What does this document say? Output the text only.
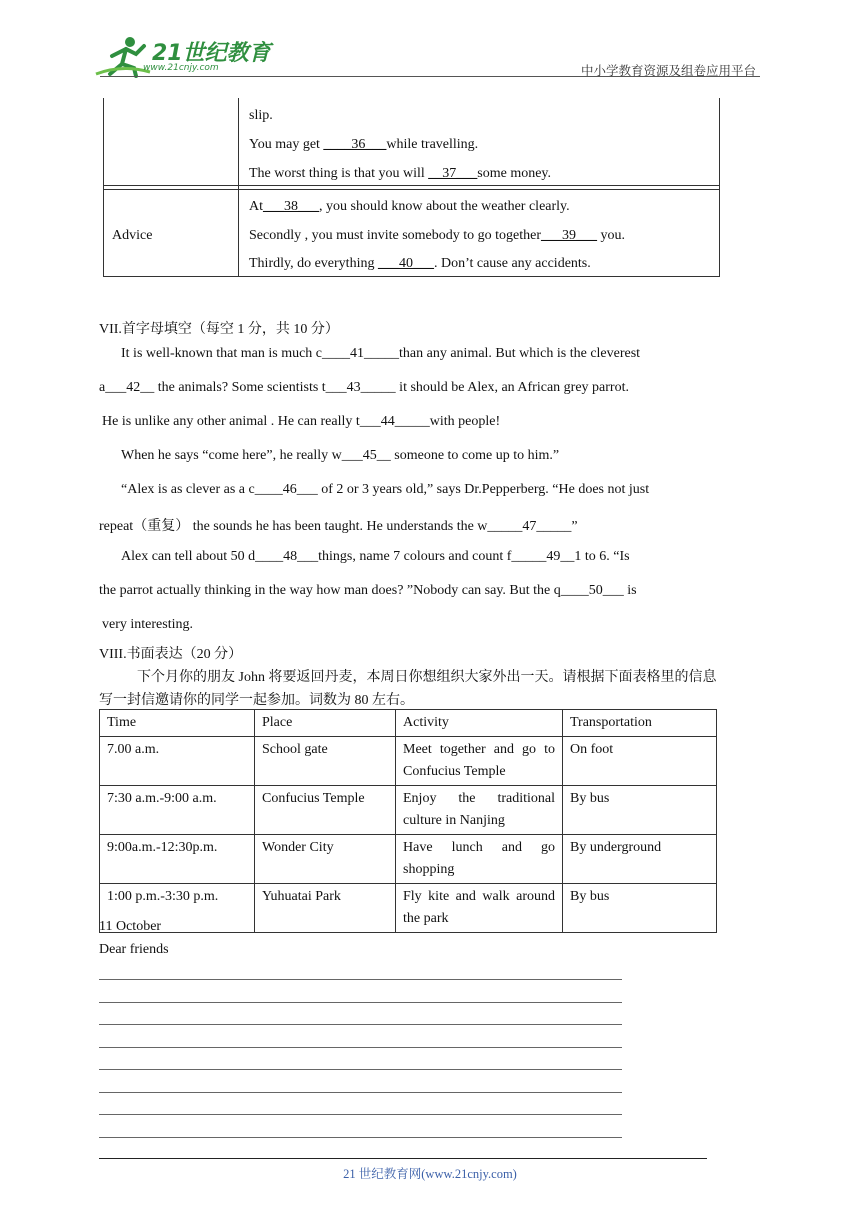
21世纪教育
www.21cnjy.com	中小学教育资源及组卷应用平台
slip.
You may get ____36___while travelling.
The worst thing is that you will __37___some money.
Advice
At___38___, you should know about the weather clearly.
Secondly , you must invite somebody to go together___39___ you.
Thirdly, do everything ___40___. Don’t cause any accidents.
VII.首字母填空（每空 1 分，共 10 分）
It is well-known that man is much c____41_____than any animal. But which is the cleverest
a___42__ the animals? Some scientists t___43_____ it should be Alex, an African grey parrot.
He is unlike any other animal . He can really t___44_____with people!
When he says “come here”, he really w___45__ someone to come up to him.”
“Alex is as clever as a c____46___ of 2 or 3 years old,” says Dr.Pepperberg. “He does not just
repeat（重复） the sounds he has been taught. He understands the w_____47_____”
Alex can tell about 50 d____48___things, name 7 colours and count f_____49__1 to 6. “Is
the parrot actually thinking in the way how man does? ”Nobody can say. But the q____50___ is
very interesting.
VIII.书面表达（20 分）
下个月你的朋友 John 将要返回丹麦，本周日你想组织大家外出一天。请根据下面表格里的信息
写一封信邀请你的同学一起参加。词数为 80 左右。
Time	Place	Activity	Transportation
7.00 a.m.	School gate	Meet together and go to Confucius Temple	On foot
7:30 a.m.-9:00 a.m.	Confucius Temple	Enjoy the traditional culture in Nanjing	By bus
9:00a.m.-12:30p.m.	Wonder City	Have lunch and go shopping	By underground
1:00 p.m.-3:30 p.m.	Yuhuatai Park	Fly kite and walk around the park	By bus
11 October
Dear friends
21 世纪教育网(www.21cnjy.com)
